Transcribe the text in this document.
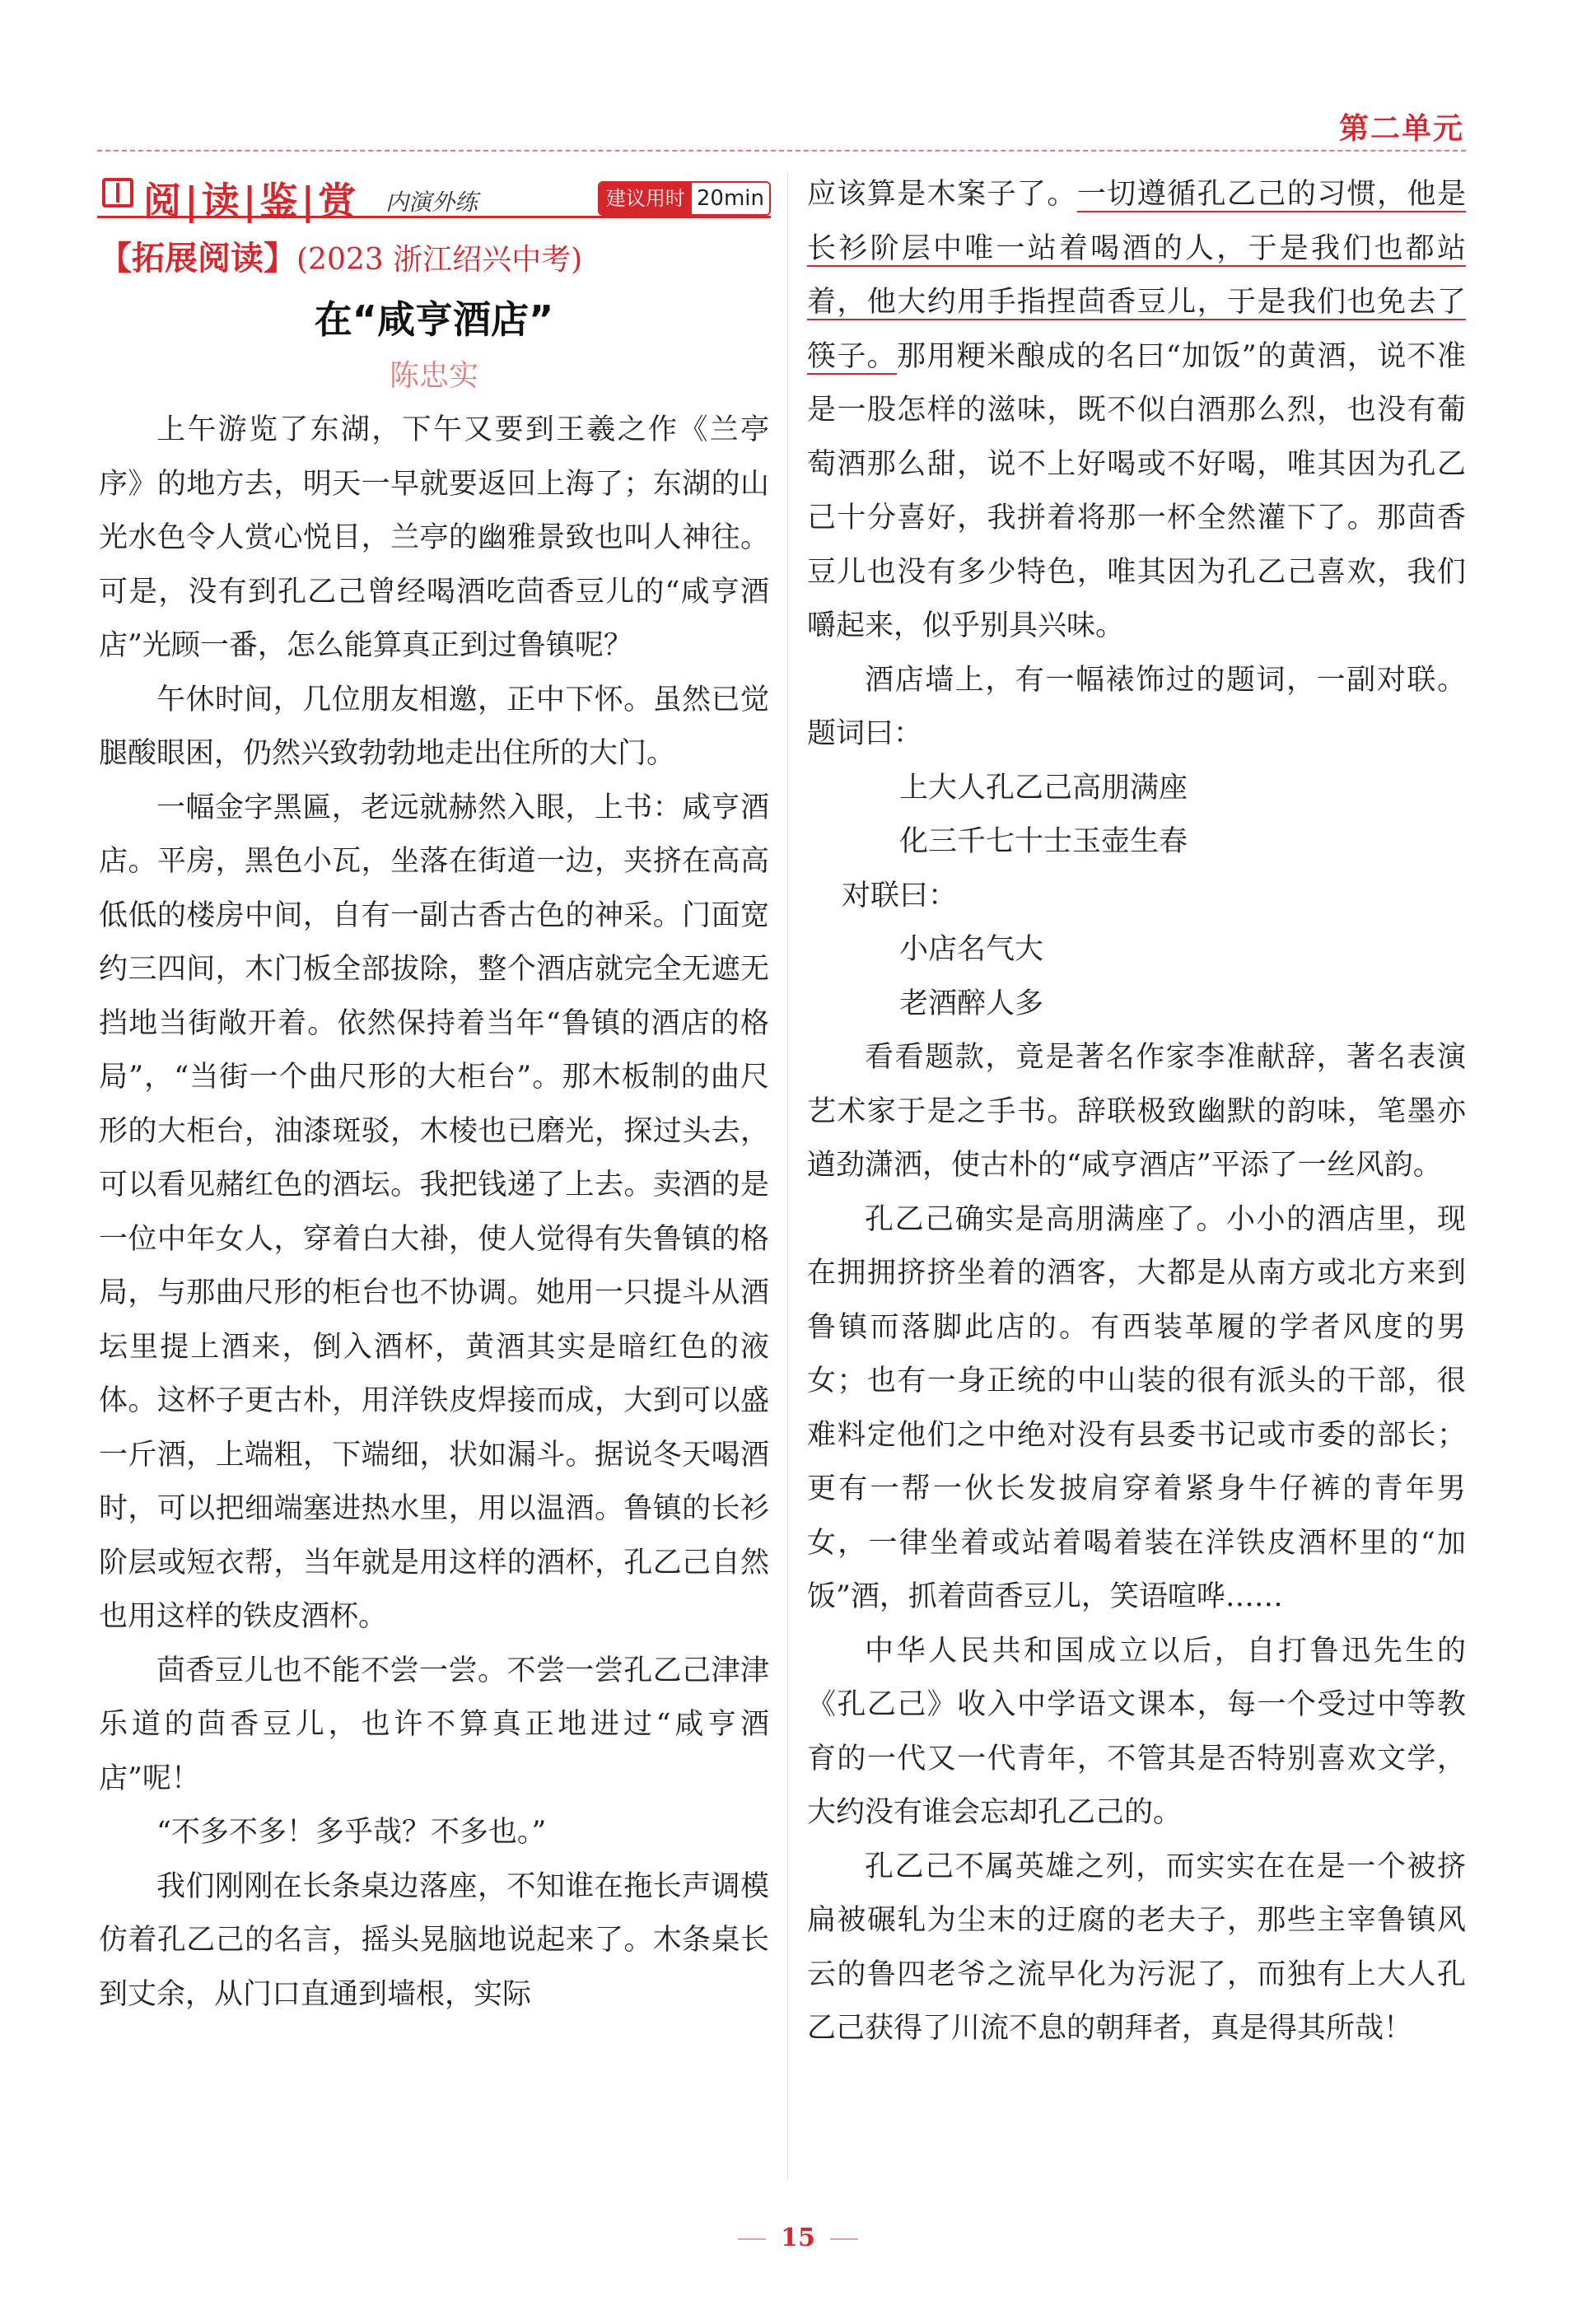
第二单元
阅|读|鉴|赏 内演外练	建议用时 20min
【拓展阅读】(2023 浙江绍兴中考)
在“咸亨酒店”
陈忠实

上午游览了东湖，下午又要到王羲之作《兰亭序》的地方去，明天一早就要返回上海了；东湖的山光水色令人赏心悦目，兰亭的幽雅景致也叫人神往。可是，没有到孔乙己曾经喝酒吃茴香豆儿的“咸亨酒店”光顾一番，怎么能算真正到过鲁镇呢？

午休时间，几位朋友相邀，正中下怀。虽然已觉腿酸眼困，仍然兴致勃勃地走出住所的大门。

一幅金字黑匾，老远就赫然入眼，上书：咸亨酒店。平房，黑色小瓦，坐落在街道一边，夹挤在高高低低的楼房中间，自有一副古香古色的神采。门面宽约三四间，木门板全部拔除，整个酒店就完全无遮无挡地当街敞开着。依然保持着当年“鲁镇的酒店的格局”，“当街一个曲尺形的大柜台”。那木板制的曲尺形的大柜台，油漆斑驳，木棱也已磨光，探过头去，可以看见赭红色的酒坛。我把钱递了上去。卖酒的是一位中年女人，穿着白大褂，使人觉得有失鲁镇的格局，与那曲尺形的柜台也不协调。她用一只提斗从酒坛里提上酒来，倒入酒杯，黄酒其实是暗红色的液体。这杯子更古朴，用洋铁皮焊接而成，大到可以盛一斤酒，上端粗，下端细，状如漏斗。据说冬天喝酒时，可以把细端塞进热水里，用以温酒。鲁镇的长衫阶层或短衣帮，当年就是用这样的酒杯，孔乙己自然也用这样的铁皮酒杯。

茴香豆儿也不能不尝一尝。不尝一尝孔乙己津津乐道的茴香豆儿，也许不算真正地进过“咸亨酒店”呢！

“不多不多！多乎哉？不多也。”

我们刚刚在长条桌边落座，不知谁在拖长声调模仿着孔乙己的名言，摇头晃脑地说起来了。木条桌长到丈余，从门口直通到墙根，实际

应该算是木案子了。一切遵循孔乙己的习惯，他是长衫阶层中唯一站着喝酒的人，于是我们也都站着，他大约用手指捏茴香豆儿，于是我们也免去了筷子。那用粳米酿成的名曰“加饭”的黄酒，说不准是一股怎样的滋味，既不似白酒那么烈，也没有葡萄酒那么甜，说不上好喝或不好喝，唯其因为孔乙己十分喜好，我拼着将那一杯全然灌下了。那茴香豆儿也没有多少特色，唯其因为孔乙己喜欢，我们嚼起来，似乎别具兴味。

酒店墙上，有一幅裱饰过的题词，一副对联。题词曰：

上大人孔乙己高朋满座

化三千七十士玉壶生春

对联曰：

小店名气大

老酒醉人多

看看题款，竟是著名作家李准献辞，著名表演艺术家于是之手书。辞联极致幽默的韵味，笔墨亦遒劲潇洒，使古朴的“咸亨酒店”平添了一丝风韵。

孔乙己确实是高朋满座了。小小的酒店里，现在拥拥挤挤坐着的酒客，大都是从南方或北方来到鲁镇而落脚此店的。有西装革履的学者风度的男女；也有一身正统的中山装的很有派头的干部，很难料定他们之中绝对没有县委书记或市委的部长；更有一帮一伙长发披肩穿着紧身牛仔裤的青年男女，一律坐着或站着喝着装在洋铁皮酒杯里的“加饭”酒，抓着茴香豆儿，笑语喧哗……

中华人民共和国成立以后，自打鲁迅先生的《孔乙己》收入中学语文课本，每一个受过中等教育的一代又一代青年，不管其是否特别喜欢文学，大约没有谁会忘却孔乙己的。

孔乙己不属英雄之列，而实实在在是一个被挤扁被碾轧为尘末的迂腐的老夫子，那些主宰鲁镇风云的鲁四老爷之流早化为污泥了，而独有上大人孔乙己获得了川流不息的朝拜者，真是得其所哉！

15
